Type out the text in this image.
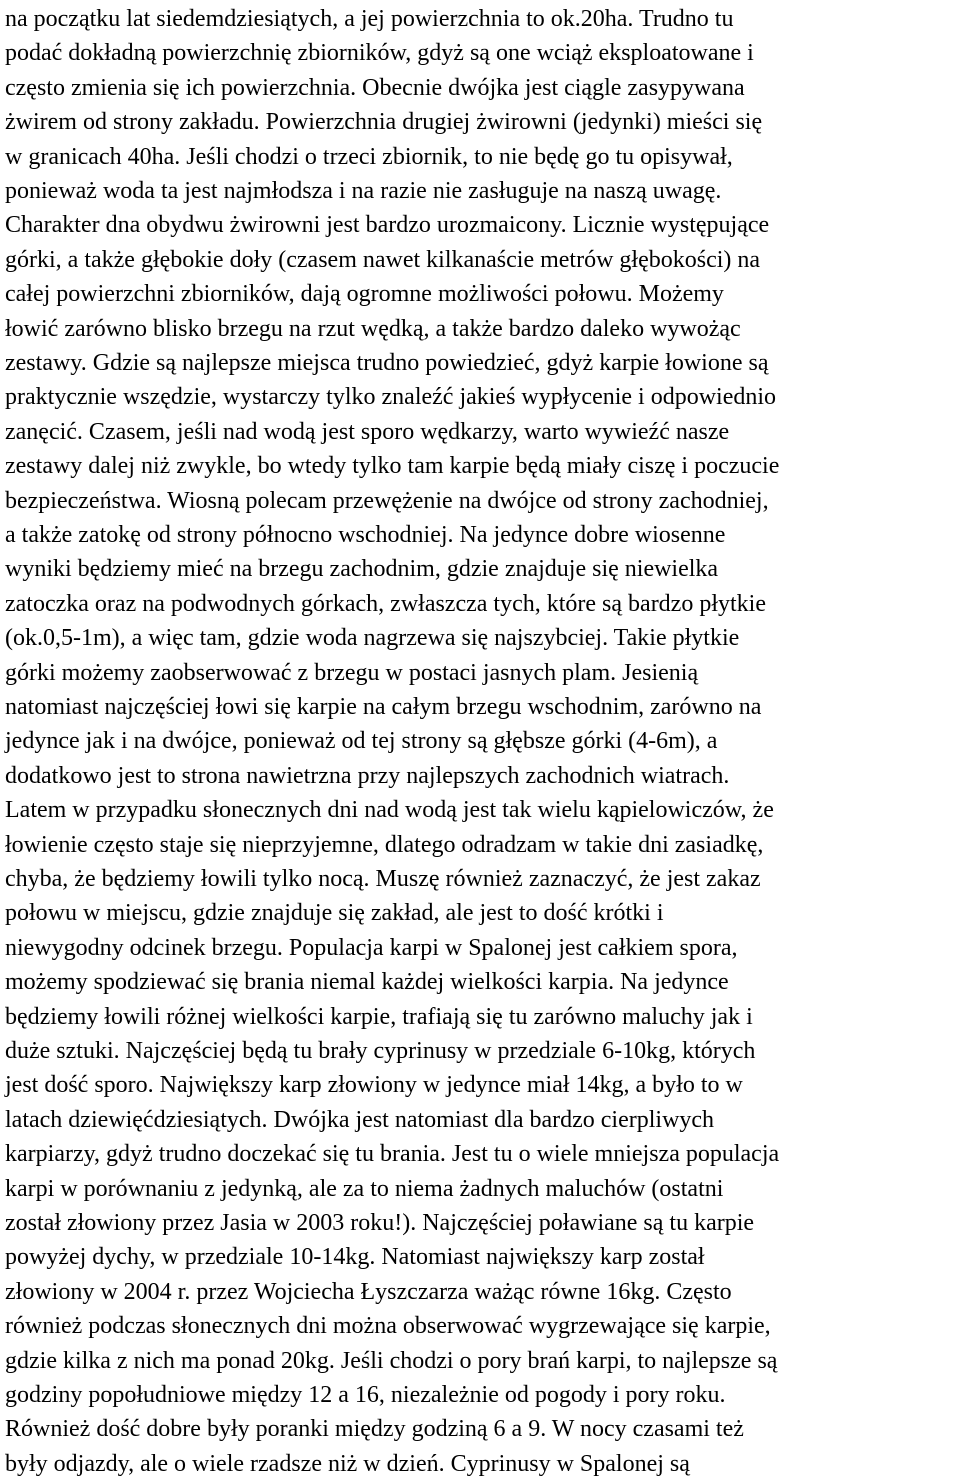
na początku lat siedemdziesiątych, a jej powierzchnia to ok.20ha. Trudno tu
podać dokładną powierzchnię zbiorników, gdyż są one wciąż eksploatowane i
często zmienia się ich powierzchnia. Obecnie dwójka jest ciągle zasypywana
żwirem od strony zakładu. Powierzchnia drugiej żwirowni (jedynki) mieści się
w granicach 40ha. Jeśli chodzi o trzeci zbiornik, to nie będę go tu opisywał,
ponieważ woda ta jest najmłodsza i na razie nie zasługuje na naszą uwagę.
Charakter dna obydwu żwirowni jest bardzo urozmaicony. Licznie występujące
górki, a także głębokie doły (czasem nawet kilkanaście metrów głębokości) na
całej powierzchni zbiorników, dają ogromne możliwości połowu. Możemy
łowić zarówno blisko brzegu na rzut wędką, a także bardzo daleko wywożąc
zestawy. Gdzie są najlepsze miejsca trudno powiedzieć, gdyż karpie łowione są
praktycznie wszędzie, wystarczy tylko znaleźć jakieś wypłycenie i odpowiednio
zanęcić. Czasem, jeśli nad wodą jest sporo wędkarzy, warto wywieźć nasze
zestawy dalej niż zwykle, bo wtedy tylko tam karpie będą miały ciszę i poczucie
bezpieczeństwa. Wiosną polecam przewężenie na dwójce od strony zachodniej,
a także zatokę od strony północno wschodniej. Na jedynce dobre wiosenne
wyniki będziemy mieć na brzegu zachodnim, gdzie znajduje się niewielka
zatoczka oraz na podwodnych górkach, zwłaszcza tych, które są bardzo płytkie
(ok.0,5-1m), a więc tam, gdzie woda nagrzewa się najszybciej. Takie płytkie
górki możemy zaobserwować z brzegu w postaci jasnych plam. Jesienią
natomiast najczęściej łowi się karpie na całym brzegu wschodnim, zarówno na
jedynce jak i na dwójce, ponieważ od tej strony są głębsze górki (4-6m), a
dodatkowo jest to strona nawietrzna przy najlepszych zachodnich wiatrach.
Latem w przypadku słonecznych dni nad wodą jest tak wielu kąpielowiczów, że
łowienie często staje się nieprzyjemne, dlatego odradzam w takie dni zasiadkę,
chyba, że będziemy łowili tylko nocą. Muszę również zaznaczyć, że jest zakaz
połowu w miejscu, gdzie znajduje się zakład, ale jest to dość krótki i
niewygodny odcinek brzegu. Populacja karpi w Spalonej jest całkiem spora,
możemy spodziewać się brania niemal każdej wielkości karpia. Na jedynce
będziemy łowili różnej wielkości karpie, trafiają się tu zarówno maluchy jak i
duże sztuki. Najczęściej będą tu brały cyprinusy w przedziale 6-10kg, których
jest dość sporo. Największy karp złowiony w jedynce miał 14kg, a było to w
latach dziewięćdziesiątych. Dwójka jest natomiast dla bardzo cierpliwych
karpiarzy, gdyż trudno doczekać się tu brania. Jest tu o wiele mniejsza populacja
karpi w porównaniu z jedynką, ale za to niema żadnych maluchów (ostatni
został złowiony przez Jasia w 2003 roku!). Najczęściej poławiane są tu karpie
powyżej dychy, w przedziale 10-14kg. Natomiast największy karp został
złowiony w 2004 r. przez Wojciecha Łyszczarza ważąc równe 16kg. Często
również podczas słonecznych dni można obserwować wygrzewające się karpie,
gdzie kilka z nich ma ponad 20kg. Jeśli chodzi o pory brań karpi, to najlepsze są
godziny popołudniowe między 12 a 16, niezależnie od pogody i pory roku.
Również dość dobre były poranki między godziną 6 a 9. W nocy czasami też
były odjazdy, ale o wiele rzadsze niż w dzień. Cyprinusy w Spalonej są
